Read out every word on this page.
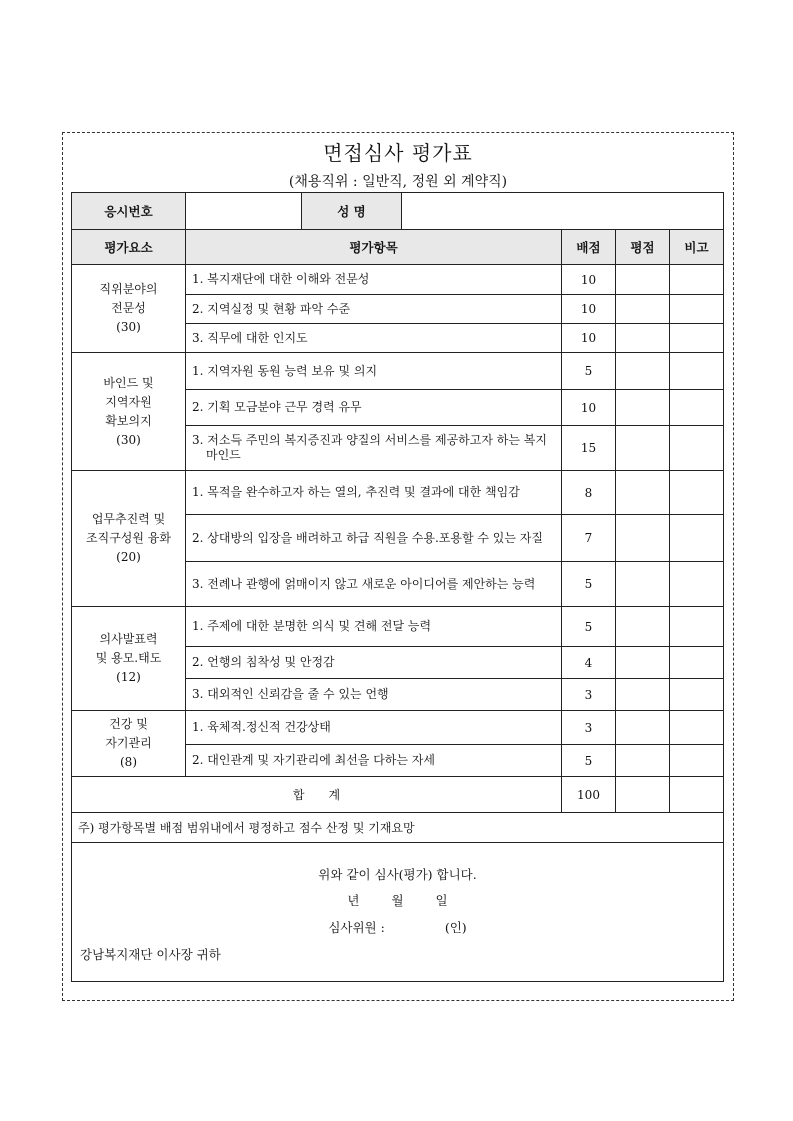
면접심사 평가표
(채용직위 : 일반직, 정원 외 계약직)
응시번호		성 명				
평가요소	평가항목			배점	평점	비고

직위분야의
전문성
(30)	1. 복지재단에 대한 이해와 전문성			10		
	2. 지역실정 및 현황 파악 수준			10		
	3. 직무에 대한 인지도			10		

바인드 및
지역자원
확보의지
(30)	1. 지역자원 동원 능력 보유 및 의지			5		
	2. 기획 모금분야 근무 경력 유무			10		

	3. 저소득 주민의 복지증진과 양질의 서비스를 제공하고자 하는 복지마인드			15		

업무추진력 및
조직구성원 융화
(20)	1. 목적을 완수하고자 하는 열의, 추진력 및 결과에 대한 책임감			8		

	2. 상대방의 입장을 배려하고 하급 직원을 수용.포용할 수 있는 자질			7		

	3. 전례나 관행에 얽매이지 않고 새로운 아이디어를 제안하는 능력			5		

의사발표력
및 용모.태도
(12)	1. 주제에 대한 분명한 의식 및 견해 전달 능력			5		
	2. 언행의 침착성 및 안정감			4		
	3. 대외적인 신뢰감을 줄 수 있는 언행			3		

건강 및
자기관리
(8)	1. 육체적.정신적 건강상태			3		
	2. 대인관계 및 자기관리에 최선을 다하는 자세			5		
합　　계				100		
주) 평가항목별 배점 범위내에서 평정하고 점수 산정 및 기재요망						

위와 같이 심사(평가) 합니다.
년 월 일
심사위원 : (인)
강남복지재단 이사장 귀하						
